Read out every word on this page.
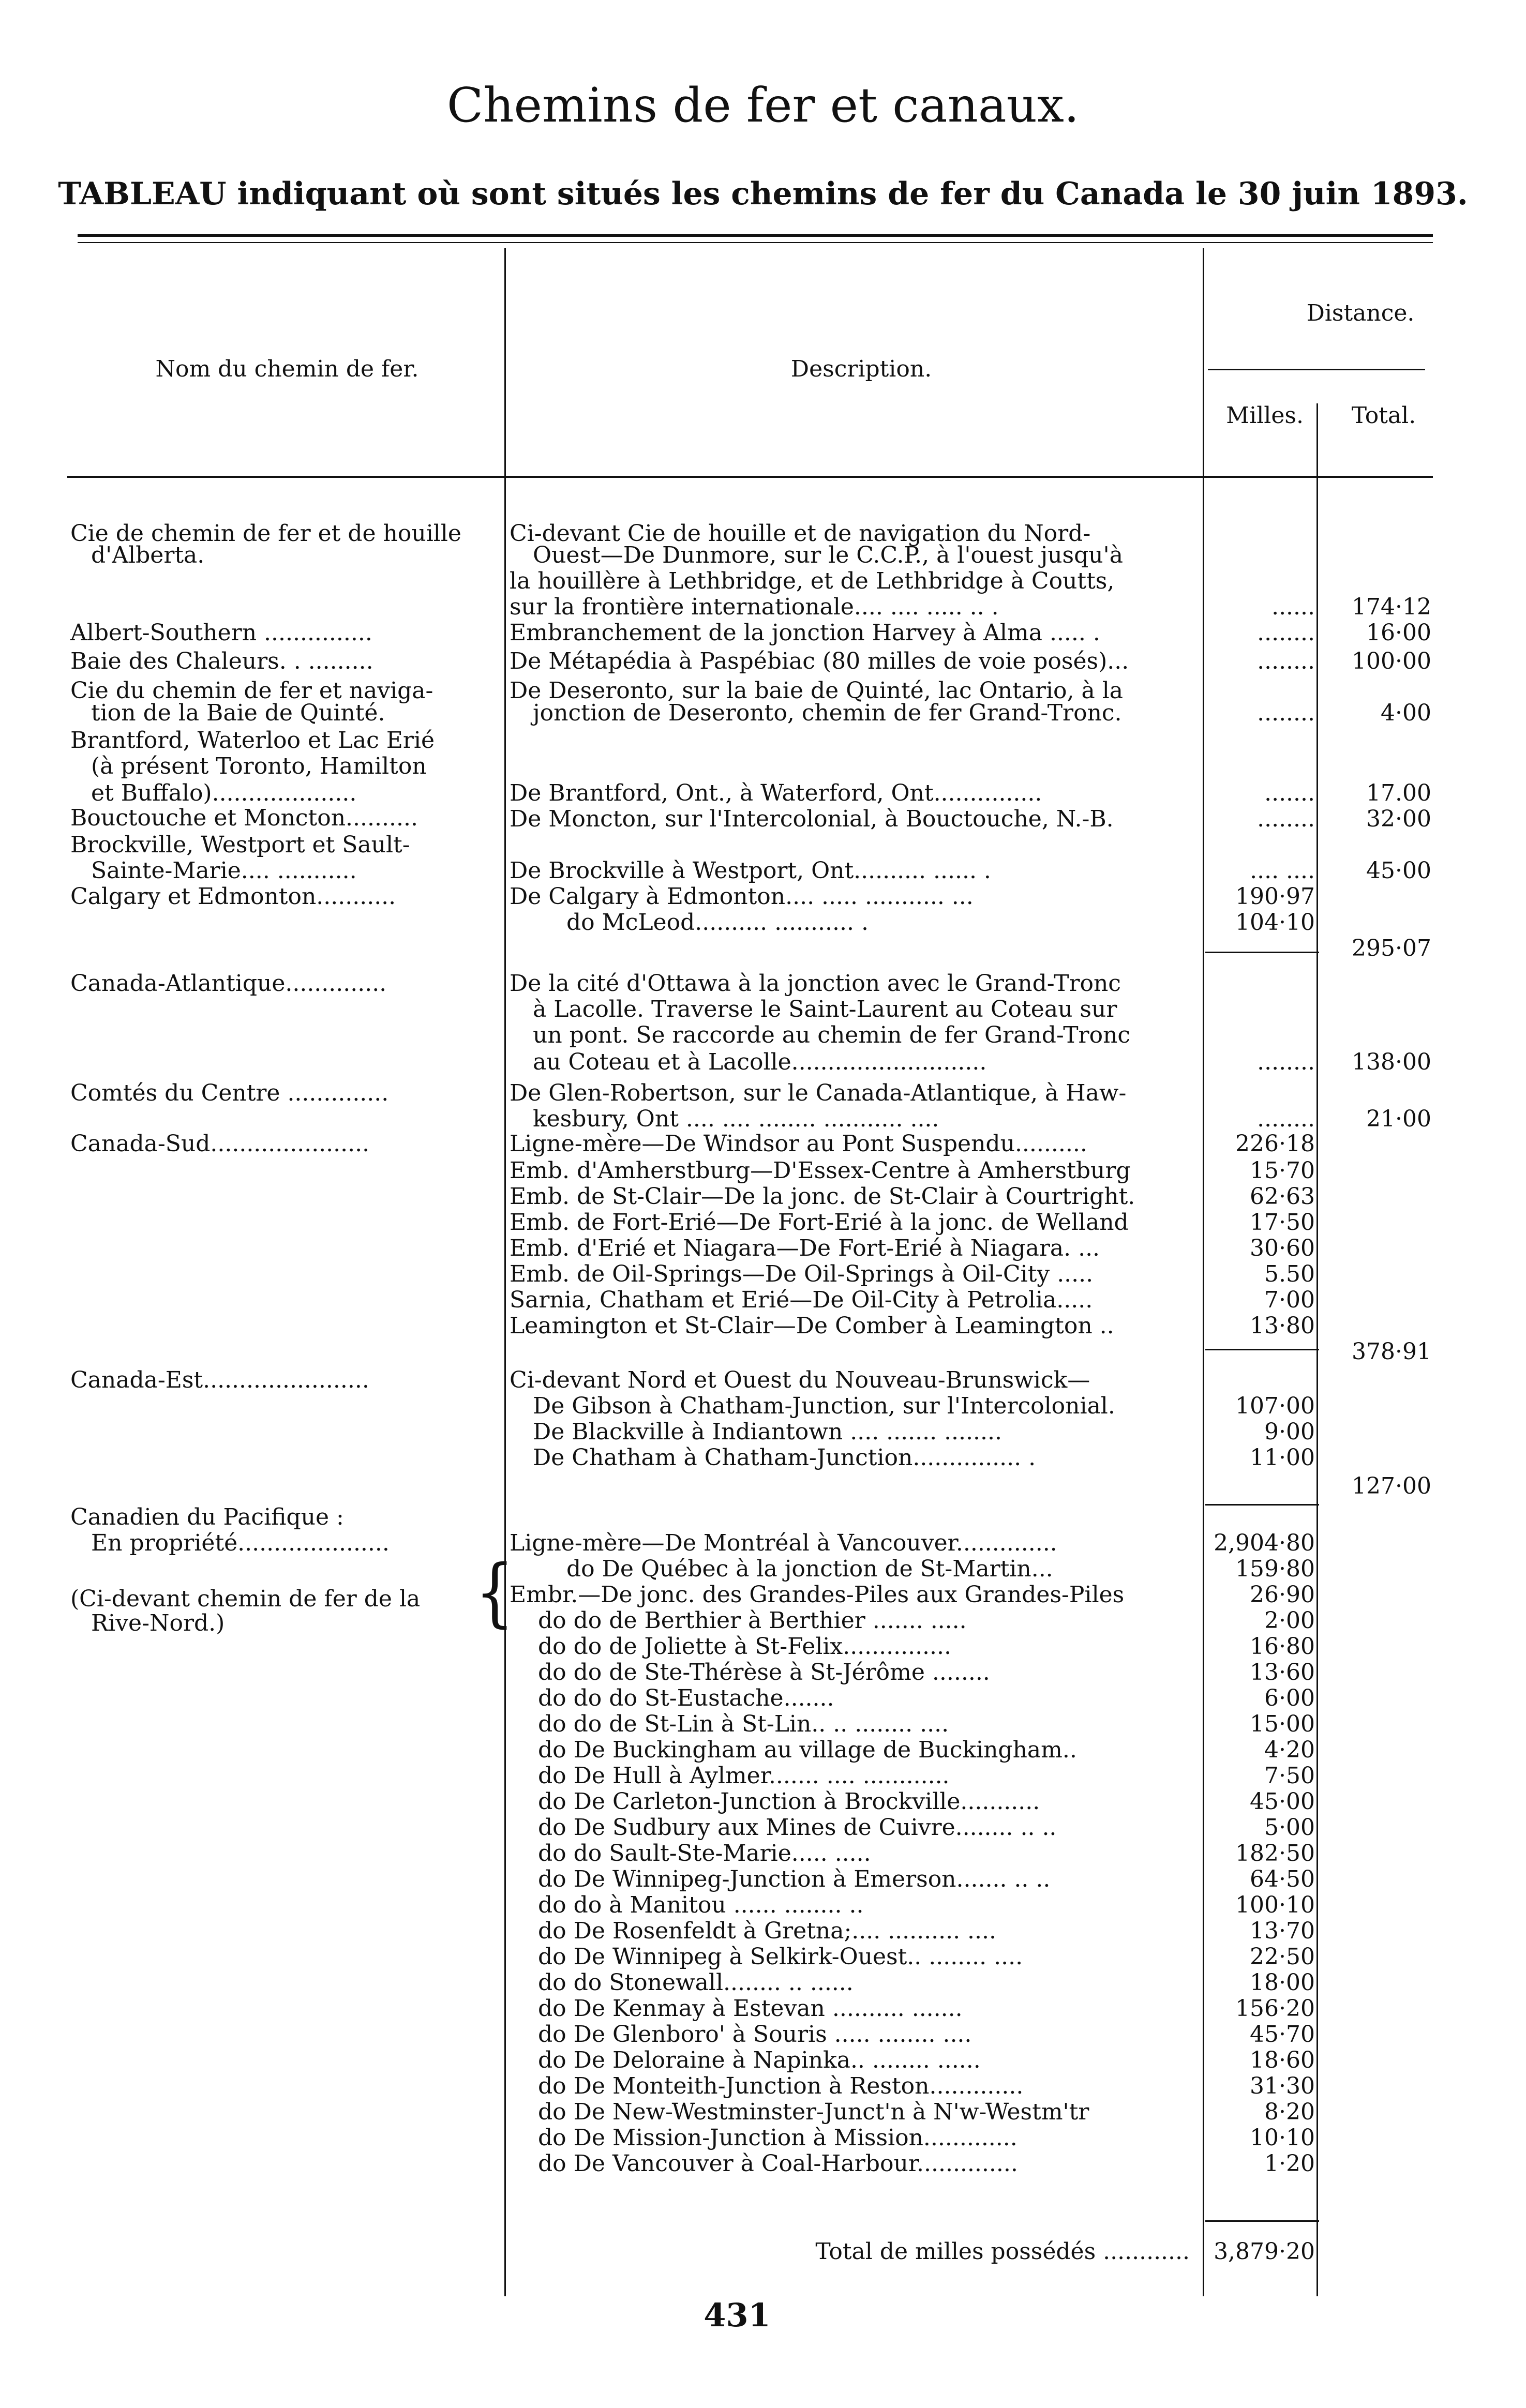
Chemins de fer et canaux.
TABLEAU indiquant où sont situés les chemins de fer du Canada le 30 juin 1893.
Nom du chemin de fer.	Description.
Distance.
Milles.	Total.
Cie de chemin de fer et de houille
d'Alberta.
Albert-Southern ...............
Baie des Chaleurs. . .........
Cie du chemin de fer et naviga-
tion de la Baie de Quinté.
Brantford, Waterloo et Lac Erié
(à présent Toronto, Hamilton
et Buffalo)....................
Bouctouche et Moncton..........
Brockville, Westport et Sault-
Sainte-Marie.... ...........
Calgary et Edmonton...........
Canada-Atlantique..............
Comtés du Centre ..............
Canada-Sud......................
Canada-Est.......................
Canadien du Pacifique :
En propriété.....................
(Ci-devant chemin de fer de la
Rive-Nord.)
Ci-devant Cie de houille et de navigation du Nord-
Ouest—De Dunmore, sur le C.C.P., à l'ouest jusqu'à
la houillère à Lethbridge, et de Lethbridge à Coutts,
sur la frontière internationale.... .... ..... .. .
Embranchement de la jonction Harvey à Alma ..... .
De Métapédia à Paspébiac (80 milles de voie posés)...
De Deseronto, sur la baie de Quinté, lac Ontario, à la
jonction de Deseronto, chemin de fer Grand-Tronc.
De Brantford, Ont., à Waterford, Ont...............
De Moncton, sur l'Intercolonial, à Bouctouche, N.-B.
De Brockville à Westport, Ont.......... ...... .
De Calgary à Edmonton.... ..... ........... ...
do McLeod.......... ........... .
De la cité d'Ottawa à la jonction avec le Grand-Tronc
à Lacolle. Traverse le Saint-Laurent au Coteau sur
un pont. Se raccorde au chemin de fer Grand-Tronc
au Coteau et à Lacolle...........................
De Glen-Robertson, sur le Canada-Atlantique, à Haw-
kesbury, Ont .... .... ........ ........... ....
Ligne-mère—De Windsor au Pont Suspendu..........
Emb. d'Amherstburg—D'Essex-Centre à Amherstburg
Emb. de St-Clair—De la jonc. de St-Clair à Courtright.
Emb. de Fort-Erié—De Fort-Erié à la jonc. de Welland
Emb. d'Erié et Niagara—De Fort-Erié à Niagara. ...
Emb. de Oil-Springs—De Oil-Springs à Oil-City .....
Sarnia, Chatham et Erié—De Oil-City à Petrolia.....
Leamington et St-Clair—De Comber à Leamington ..
Ci-devant Nord et Ouest du Nouveau-Brunswick—
De Gibson à Chatham-Junction, sur l'Intercolonial.
De Blackville à Indiantown .... ....... ........
De Chatham à Chatham-Junction............... .
Ligne-mère—De Montréal à Vancouver..............
do De Québec à la jonction de St-Martin...
Embr.—De jonc. des Grandes-Piles aux Grandes-Piles
do do de Berthier à Berthier ....... .....
do do de Joliette à St-Felix...............
do do de Ste-Thérèse à St-Jérôme ........
do do do St-Eustache.......
do do de St-Lin à St-Lin.. .. ........ ....
do De Buckingham au village de Buckingham..
do De Hull à Aylmer....... .... ............
do De Carleton-Junction à Brockville...........
do De Sudbury aux Mines de Cuivre........ .. ..
do do Sault-Ste-Marie..... .....
do De Winnipeg-Junction à Emerson....... .. ..
do do à Manitou ...... ........ ..
do De Rosenfeldt à Gretna;.... .......... ....
do De Winnipeg à Selkirk-Ouest.. ........ ....
do do Stonewall........ .. ......
do De Kenmay à Estevan .......... .......
do De Glenboro' à Souris ..... ........ ....
do De Deloraine à Napinka.. ........ ......
do De Monteith-Junction à Reston.............
do De New-Westminster-Junct'n à N'w-Westm'tr
do De Mission-Junction à Mission.............
do De Vancouver à Coal-Harbour..............
......
........
........
........
.......
........
.... ....
190·97
104·10
........
........
226·18
15·70
62·63
17·50
30·60
5.50
7·00
13·80
107·00
9·00
11·00
2,904·80
159·80
26·90
2·00
16·80
13·60
6·00
15·00
4·20
7·50
45·00
5·00
182·50
64·50
100·10
13·70
22·50
18·00
156·20
45·70
18·60
31·30
8·20
10·10
1·20
3,879·20
174·12
16·00
100·00
4·00
17.00
32·00
45·00
295·07
138·00
21·00
378·91
127·00
{
Total de milles possédés ............
431
